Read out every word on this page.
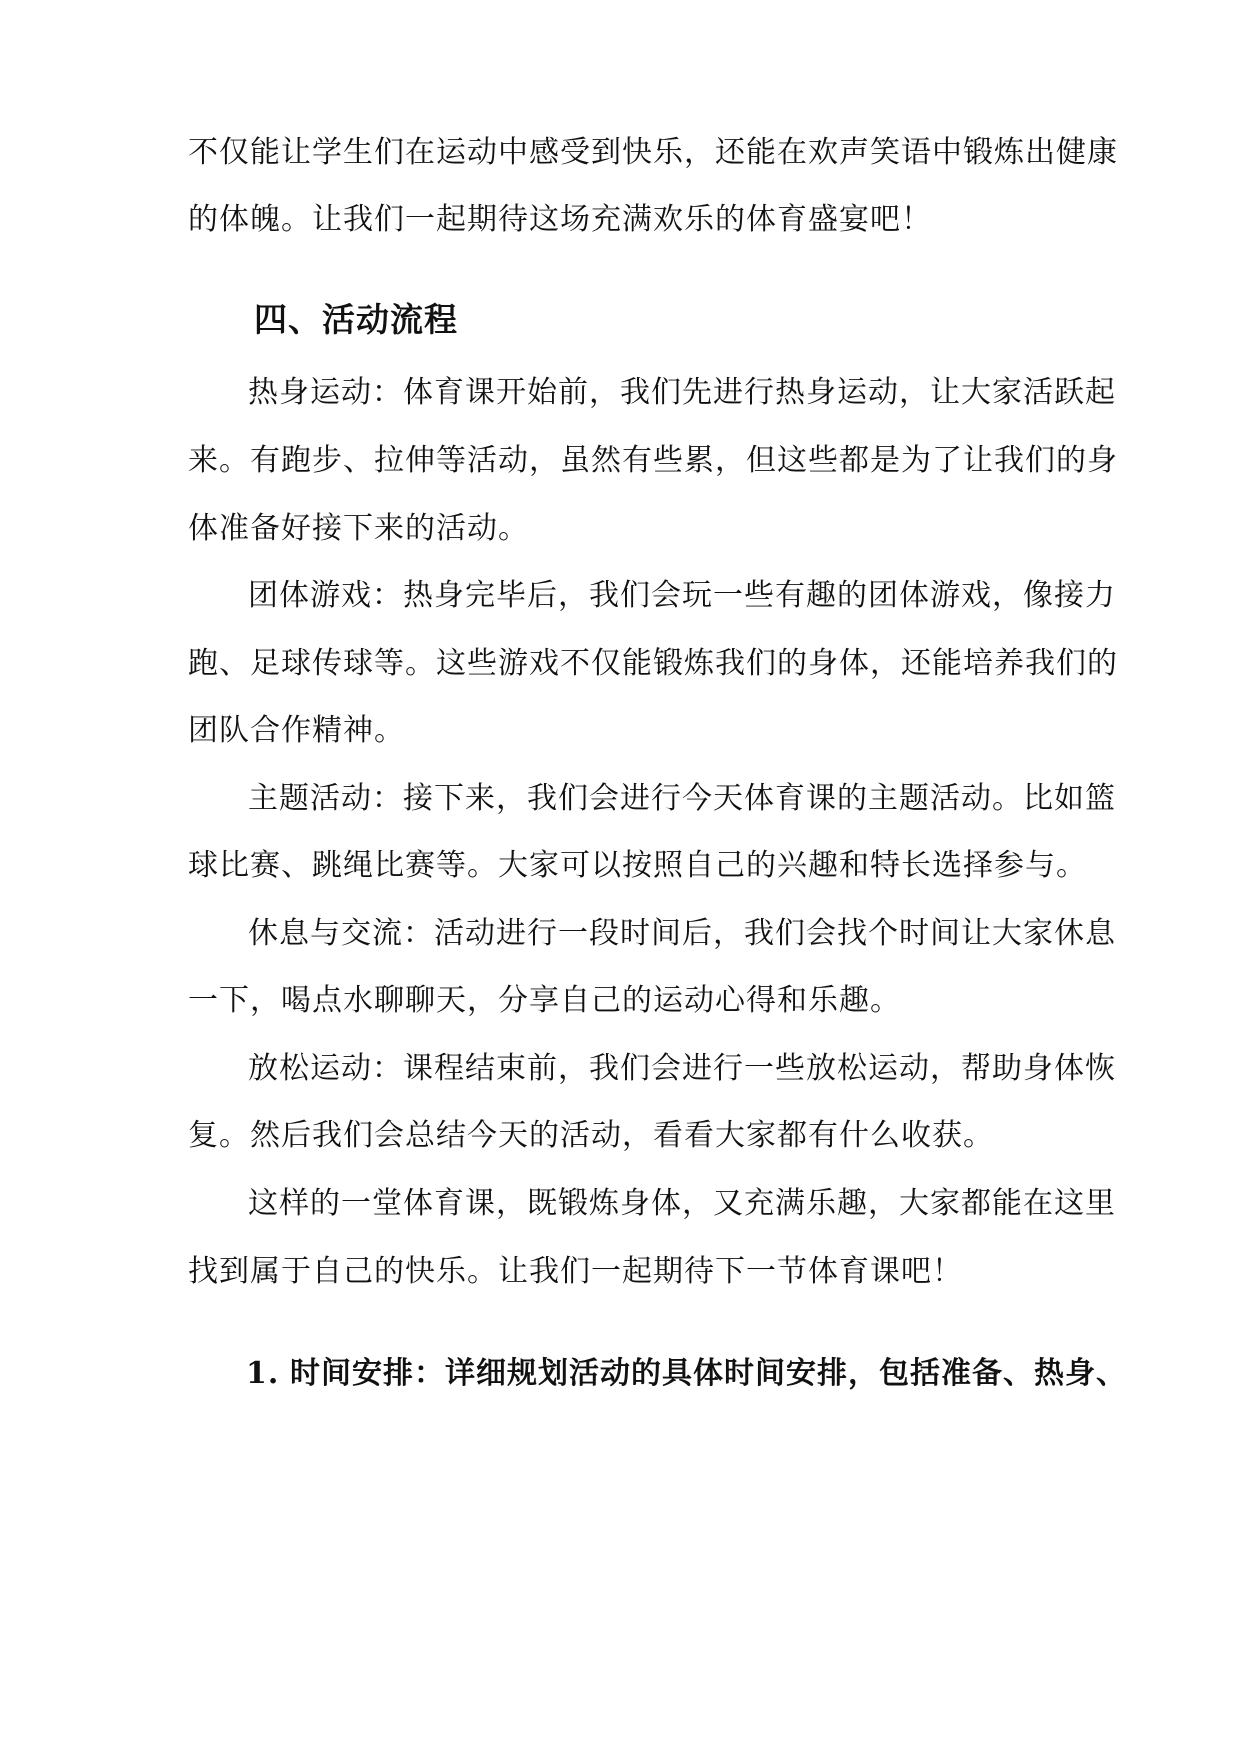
不仅能让学生们在运动中感受到快乐，还能在欢声笑语中锻炼出健康
的体魄。让我们一起期待这场充满欢乐的体育盛宴吧！
四、活动流程
热身运动：体育课开始前，我们先进行热身运动，让大家活跃起
来。有跑步、拉伸等活动，虽然有些累，但这些都是为了让我们的身
体准备好接下来的活动。
团体游戏：热身完毕后，我们会玩一些有趣的团体游戏，像接力
跑、足球传球等。这些游戏不仅能锻炼我们的身体，还能培养我们的
团队合作精神。
主题活动：接下来，我们会进行今天体育课的主题活动。比如篮
球比赛、跳绳比赛等。大家可以按照自己的兴趣和特长选择参与。
休息与交流：活动进行一段时间后，我们会找个时间让大家休息
一下，喝点水聊聊天，分享自己的运动心得和乐趣。
放松运动：课程结束前，我们会进行一些放松运动，帮助身体恢
复。然后我们会总结今天的活动，看看大家都有什么收获。
这样的一堂体育课，既锻炼身体，又充满乐趣，大家都能在这里
找到属于自己的快乐。让我们一起期待下一节体育课吧！
1. 时间安排：详细规划活动的具体时间安排，包括准备、热身、
